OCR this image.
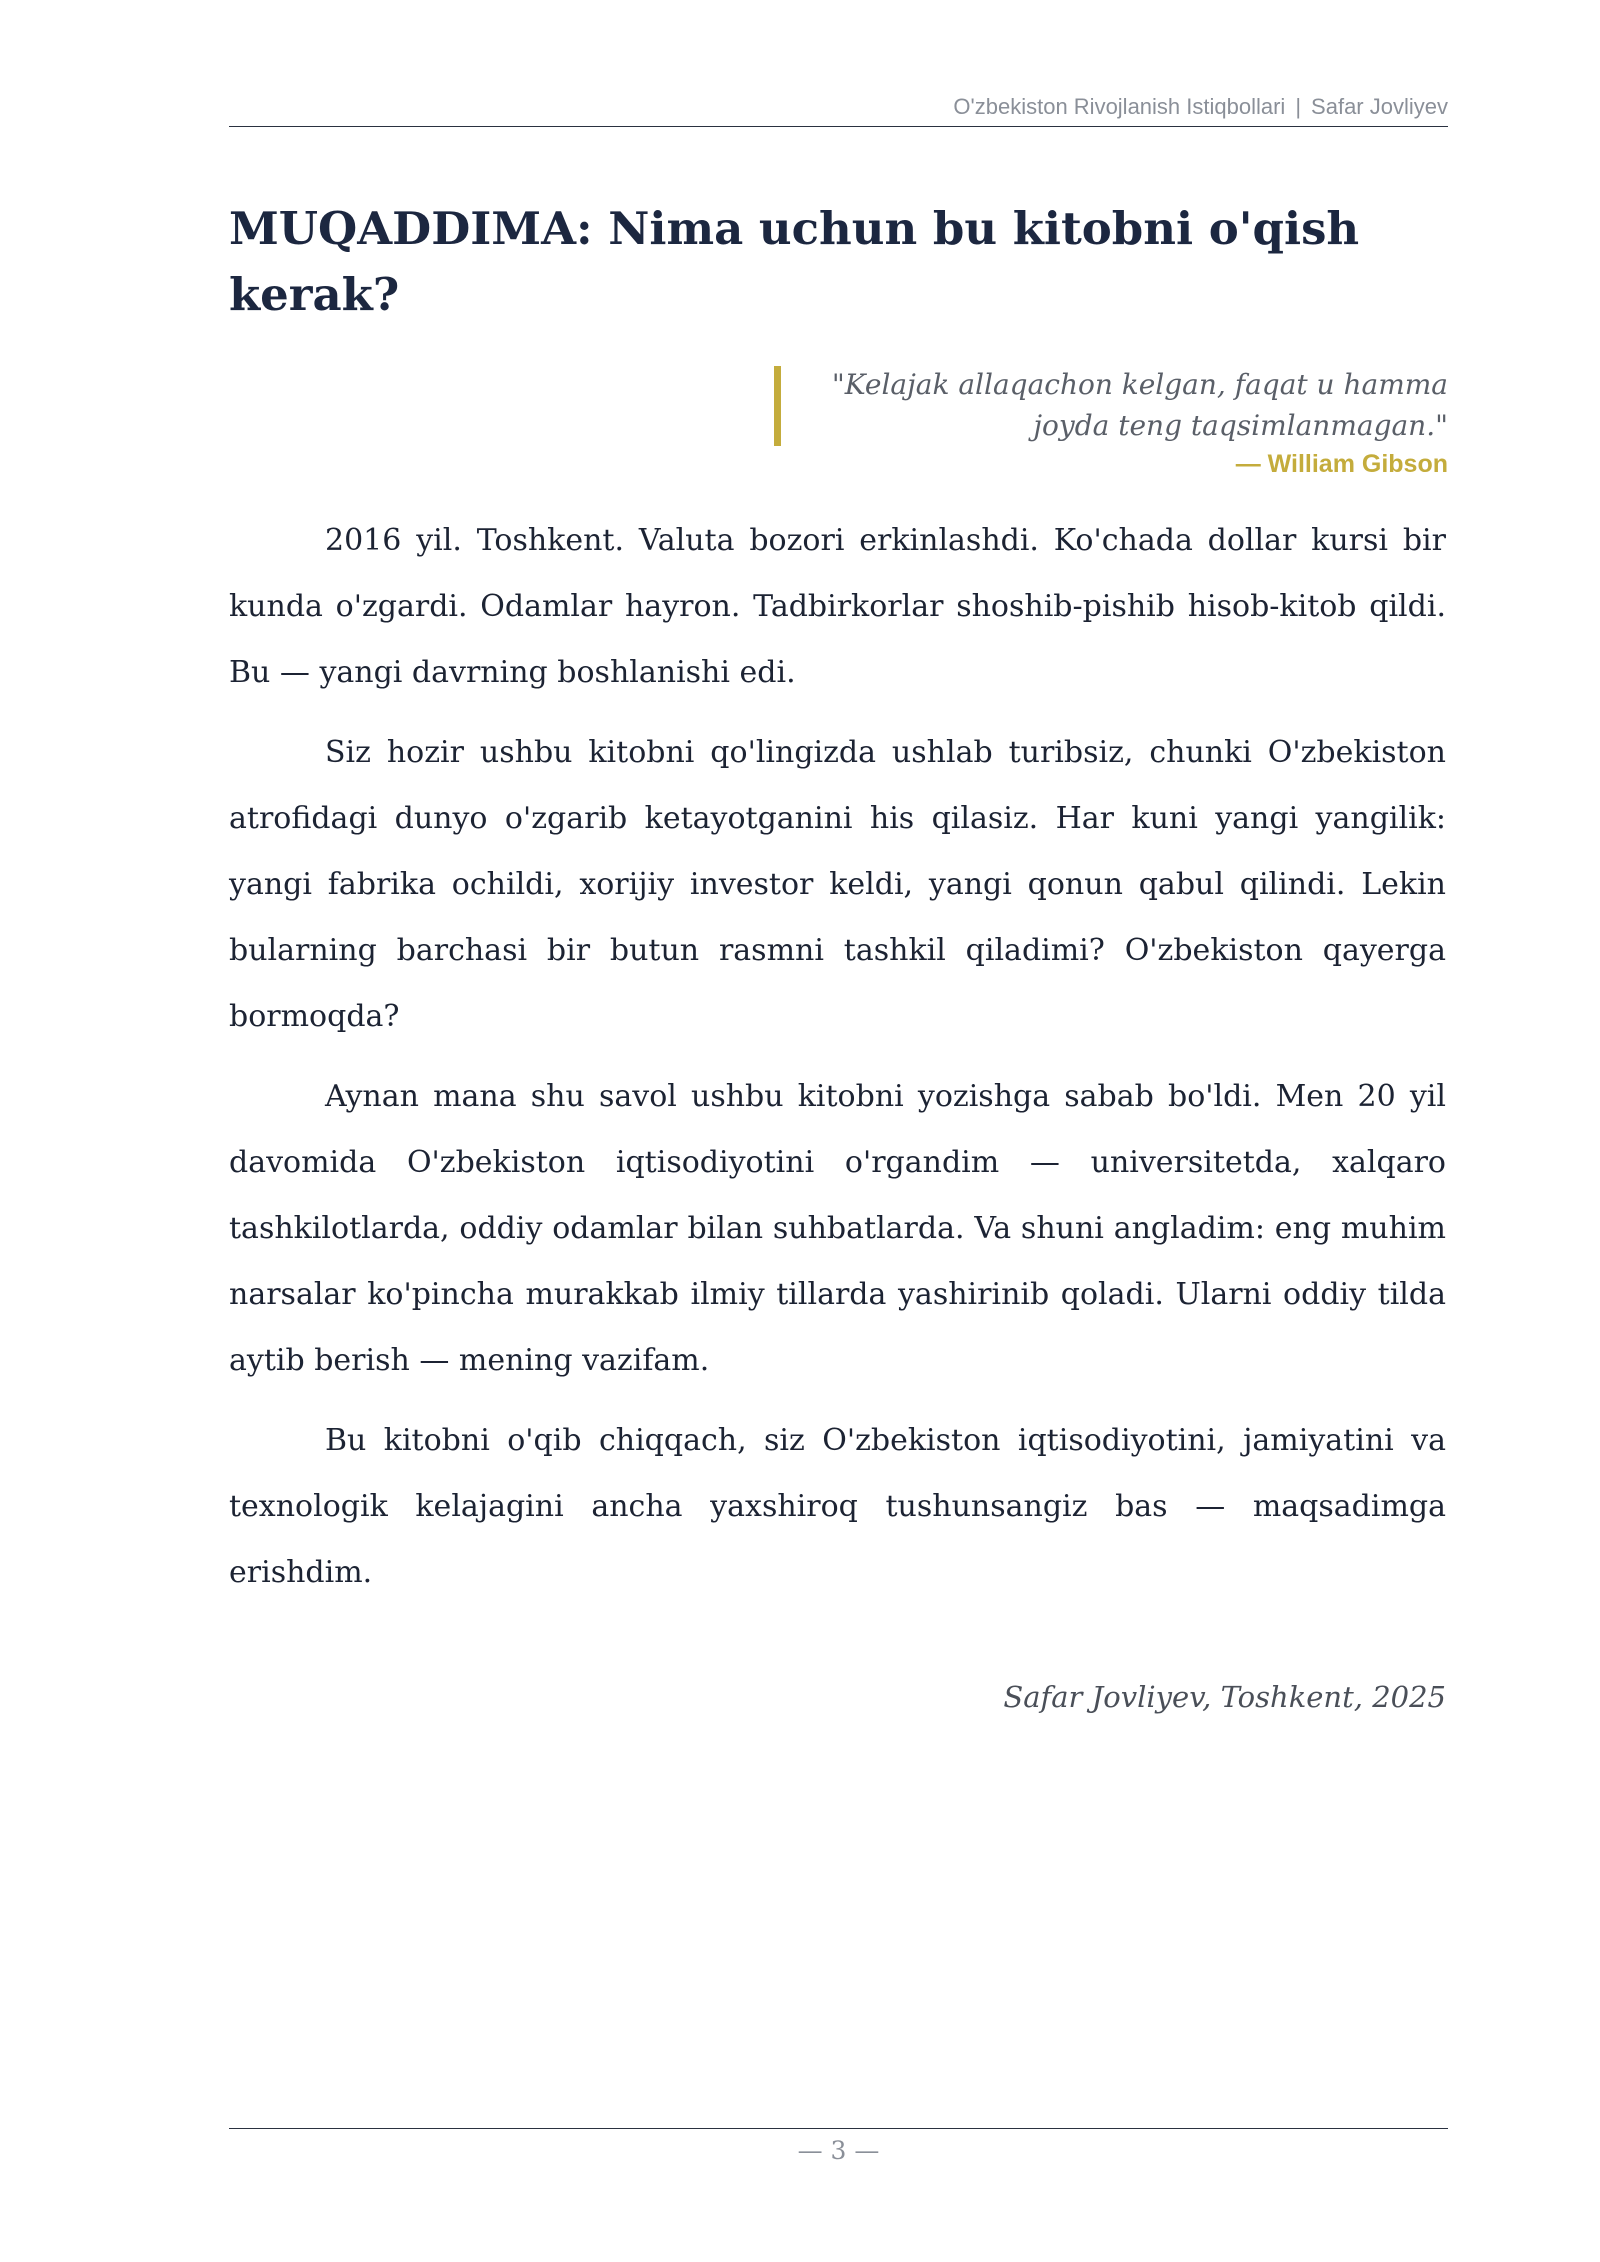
O'zbekiston Rivojlanish Istiqbollari | Safar Jovliyev
MUQADDIMA: Nima uchun bu kitobni o'qish kerak?

"Kelajak allaqachon kelgan, faqat u hamma joyda teng taqsimlanmagan."

— William Gibson

2016 yil. Toshkent. Valuta bozori erkinlashdi. Ko'chada dollar kursi bir kunda o'zgardi. Odamlar hayron. Tadbirkorlar shoshib-pishib hisob-kitob qildi. Bu — yangi davrning boshlanishi edi.

Siz hozir ushbu kitobni qo'lingizda ushlab turibsiz, chunki O'zbekiston atrofidagi dunyo o'zgarib ketayotganini his qilasiz. Har kuni yangi yangilik: yangi fabrika ochildi, xorijiy investor keldi, yangi qonun qabul qilindi. Lekin bularning barchasi bir butun rasmni tashkil qiladimi? O'zbekiston qayerga bormoqda?

Aynan mana shu savol ushbu kitobni yozishga sabab bo'ldi. Men 20 yil davomida O'zbekiston iqtisodiyotini o'rgandim — universitetda, xalqaro tashkilotlarda, oddiy odamlar bilan suhbatlarda. Va shuni angladim: eng muhim narsalar ko'pincha murakkab ilmiy tillarda yashirinib qoladi. Ularni oddiy tilda aytib berish — mening vazifam.

Bu kitobni o'qib chiqqach, siz O'zbekiston iqtisodiyotini, jamiyatini va texnologik kelajagini ancha yaxshiroq tushunsangiz bas — maqsadimga erishdim.

Safar Jovliyev, Toshkent, 2025
— 3 —
